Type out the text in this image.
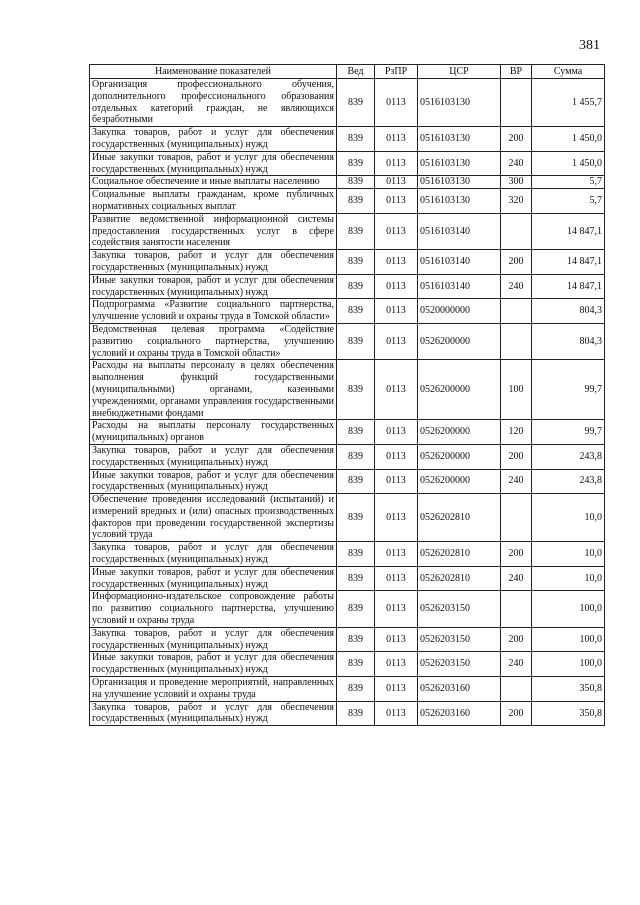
381
Наименование показателей	Вед	РзПР	ЦСР	ВР	Сумма
Организация профессионального обучения, дополнительного профессионального образования отдельных категорий граждан, не являющихся безработными	839	0113	0516103130		1 455,7
Закупка товаров, работ и услуг для обеспечения государственных (муниципальных) нужд	839	0113	0516103130	200	1 450,0
Иные закупки товаров, работ и услуг для обеспечения государственных (муниципальных) нужд	839	0113	0516103130	240	1 450,0
Социальное обеспечение и иные выплаты населению	839	0113	0516103130	300	5,7
Социальные выплаты гражданам, кроме публичных нормативных социальных выплат	839	0113	0516103130	320	5,7
Развитие ведомственной информационной системы предоставления государственных услуг в сфере содействия занятости населения	839	0113	0516103140		14 847,1
Закупка товаров, работ и услуг для обеспечения государственных (муниципальных) нужд	839	0113	0516103140	200	14 847,1
Иные закупки товаров, работ и услуг для обеспечения государственных (муниципальных) нужд	839	0113	0516103140	240	14 847,1
Подпрограмма «Развитие социального партнерства, улучшение условий и охраны труда в Томской области»	839	0113	0520000000		804,3
Ведомственная целевая программа «Содействие развитию социального партнерства, улучшению условий и охраны труда в Томской области»	839	0113	0526200000		804,3
Расходы на выплаты персоналу в целях обеспечения выполнения функций государственными (муниципальными) органами, казенными учреждениями, органами управления государственными внебюджетными фондами	839	0113	0526200000	100	99,7
Расходы на выплаты персоналу государственных (муниципальных) органов	839	0113	0526200000	120	99,7
Закупка товаров, работ и услуг для обеспечения государственных (муниципальных) нужд	839	0113	0526200000	200	243,8
Иные закупки товаров, работ и услуг для обеспечения государственных (муниципальных) нужд	839	0113	0526200000	240	243,8
Обеспечение проведения исследований (испытаний) и измерений вредных и (или) опасных производственных факторов при проведении государственной экспертизы условий труда	839	0113	0526202810		10,0
Закупка товаров, работ и услуг для обеспечения государственных (муниципальных) нужд	839	0113	0526202810	200	10,0
Иные закупки товаров, работ и услуг для обеспечения государственных (муниципальных) нужд	839	0113	0526202810	240	10,0
Информационно-издательское сопровождение работы по развитию социального партнерства, улучшению условий и охраны труда	839	0113	0526203150		100,0
Закупка товаров, работ и услуг для обеспечения государственных (муниципальных) нужд	839	0113	0526203150	200	100,0
Иные закупки товаров, работ и услуг для обеспечения государственных (муниципальных) нужд	839	0113	0526203150	240	100,0
Организация и проведение мероприятий, направленных на улучшение условий и охраны труда	839	0113	0526203160		350,8
Закупка товаров, работ и услуг для обеспечения государственных (муниципальных) нужд	839	0113	0526203160	200	350,8
